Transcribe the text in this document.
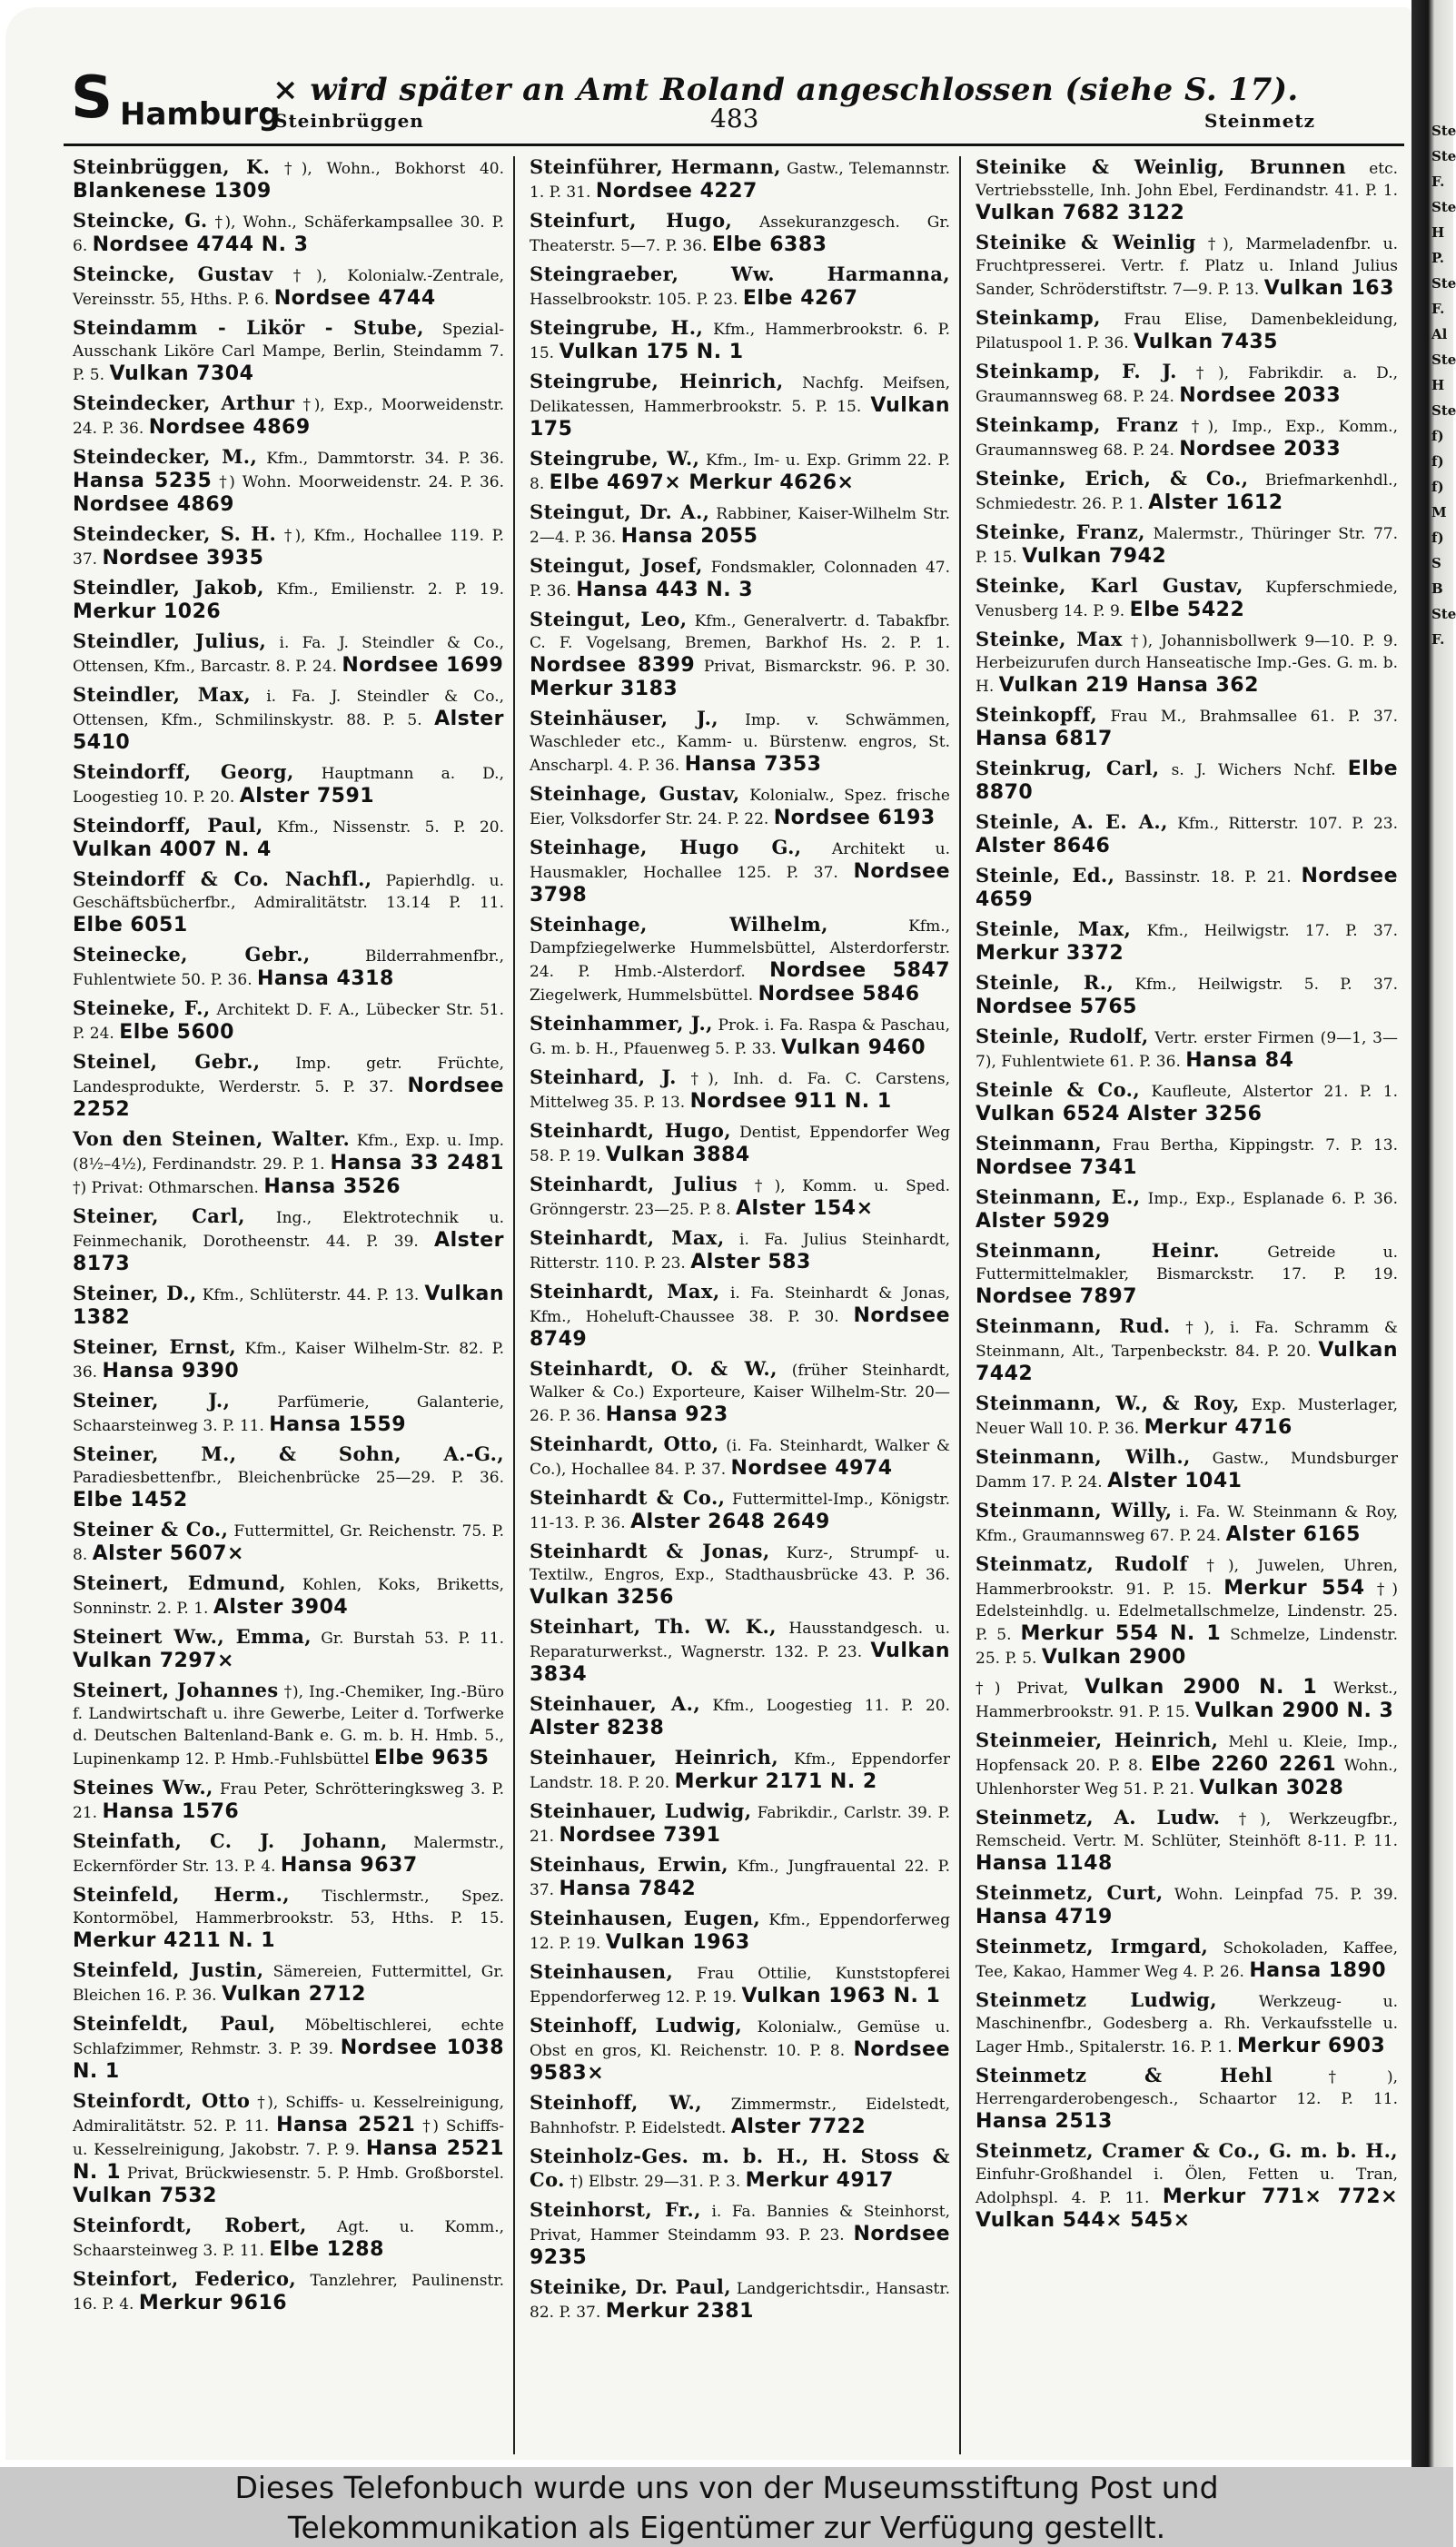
S Hamburg
Steinbrüggen
× wird später an Amt Roland angeschlossen (siehe S. 17).
483	Steinmetz
Steinbrüggen, K. †), Wohn., Bokhorst 40. Blankenese 1309
Steincke, G. †), Wohn., Schäferkampsallee 30. P. 6. Nordsee 4744 N. 3
Steincke, Gustav †), Kolonialw.-Zentrale, Vereinsstr. 55, Hths. P. 6. Nordsee 4744
Steindamm - Likör - Stube, Spezial-Ausschank Liköre Carl Mampe, Berlin, Steindamm 7. P. 5. Vulkan 7304
Steindecker, Arthur †), Exp., Moorweidenstr. 24. P. 36. Nordsee 4869
Steindecker, M., Kfm., Dammtorstr. 34. P. 36. Hansa 5235 †) Wohn. Moorweidenstr. 24. P. 36. Nordsee 4869
Steindecker, S. H. †), Kfm., Hochallee 119. P. 37. Nordsee 3935
Steindler, Jakob, Kfm., Emilienstr. 2. P. 19. Merkur 1026
Steindler, Julius, i. Fa. J. Steindler & Co., Ottensen, Kfm., Barcastr. 8. P. 24. Nordsee 1699
Steindler, Max, i. Fa. J. Steindler & Co., Ottensen, Kfm., Schmilinskystr. 88. P. 5. Alster 5410
Steindorff, Georg, Hauptmann a. D., Loogestieg 10. P. 20. Alster 7591
Steindorff, Paul, Kfm., Nissenstr. 5. P. 20. Vulkan 4007 N. 4
Steindorff & Co. Nachfl., Papierhdlg. u. Geschäftsbücherfbr., Admiralitätstr. 13.14 P. 11. Elbe 6051
Steinecke, Gebr.,	Bilderrahmenfbr., Fuhlentwiete 50. P. 36. Hansa 4318
Steineke, F., Architekt D. F. A., Lübecker Str. 51. P. 24. Elbe 5600
Steinel, Gebr., Imp. getr. Früchte, Landesprodukte, Werderstr. 5. P. 37. Nordsee 2252
Von den Steinen, Walter. Kfm., Exp. u. Imp. (8½–4½), Ferdinandstr. 29. P. 1. Hansa 33 2481 †) Privat: Othmarschen. Hansa 3526
Steiner, Carl, Ing., Elektrotechnik u. Feinmechanik, Dorotheenstr. 44. P. 39. Alster 8173
Steiner, D., Kfm., Schlüterstr. 44. P. 13. Vulkan 1382
Steiner, Ernst, Kfm., Kaiser Wilhelm-Str. 82. P. 36. Hansa 9390
Steiner, J.,	Parfümerie, Galanterie, Schaarsteinweg 3. P. 11. Hansa 1559
Steiner, M., & Sohn, A.-G., Paradiesbettenfbr., Bleichenbrücke 25—29. P. 36. Elbe 1452
Steiner & Co., Futtermittel, Gr. Reichenstr. 75. P. 8. Alster 5607×
Steinert, Edmund, Kohlen, Koks, Briketts, Sonninstr. 2. P. 1. Alster 3904
Steinert Ww., Emma, Gr. Burstah 53. P. 11. Vulkan 7297×
Steinert, Johannes †), Ing.-Chemiker, Ing.-Büro f. Landwirtschaft u. ihre Gewerbe, Leiter d. Torfwerke d. Deutschen Baltenland-Bank e. G. m. b. H. Hmb. 5., Lupinenkamp 12. P. Hmb.-Fuhlsbüttel Elbe 9635
Steines Ww., Frau Peter, Schrötteringksweg 3. P. 21. Hansa 1576
Steinfath, C. J. Johann, Malermstr., Eckernförder Str. 13. P. 4. Hansa 9637
Steinfeld, Herm., Tischlermstr., Spez. Kontormöbel, Hammerbrookstr. 53, Hths. P. 15. Merkur 4211 N. 1
Steinfeld, Justin, Sämereien, Futtermittel, Gr. Bleichen 16. P. 36. Vulkan 2712
Steinfeldt, Paul, Möbeltischlerei, echte Schlafzimmer, Rehmstr. 3. P. 39. Nordsee 1038 N. 1
Steinfordt, Otto †), Schiffs- u. Kesselreinigung, Admiralitätstr. 52. P. 11. Hansa 2521 †) Schiffs- u. Kesselreinigung, Jakobstr. 7. P. 9. Hansa 2521 N. 1 Privat, Brückwiesenstr. 5. P. Hmb. Großborstel. Vulkan 7532
Steinfordt, Robert, Agt. u. Komm., Schaarsteinweg 3. P. 11. Elbe 1288
Steinfort, Federico, Tanzlehrer, Paulinenstr. 16. P. 4. Merkur 9616
Steinführer, Hermann, Gastw., Telemannstr. 1. P. 31. Nordsee 4227
Steinfurt, Hugo, Assekuranzgesch. Gr. Theaterstr. 5—7. P. 36. Elbe 6383
Steingraeber, Ww. Harmanna, Hasselbrookstr. 105. P. 23. Elbe 4267
Steingrube, H., Kfm., Hammerbrookstr. 6. P. 15. Vulkan 175 N. 1
Steingrube, Heinrich, Nachfg. Meifsen, Delikatessen, Hammerbrookstr. 5. P. 15. Vulkan 175
Steingrube, W., Kfm., Im- u. Exp. Grimm 22. P. 8. Elbe 4697× Merkur 4626×
Steingut, Dr. A., Rabbiner, Kaiser-Wilhelm Str. 2—4. P. 36. Hansa 2055
Steingut, Josef, Fondsmakler, Colonnaden 47. P. 36. Hansa 443 N. 3
Steingut, Leo, Kfm., Generalvertr. d. Tabakfbr. C. F. Vogelsang, Bremen, Barkhof Hs. 2. P. 1. Nordsee 8399 Privat, Bismarckstr. 96. P. 30. Merkur 3183
Steinhäuser, J., Imp. v. Schwämmen, Waschleder etc., Kamm- u. Bürstenw. engros, St. Anscharpl. 4. P. 36. Hansa 7353
Steinhage, Gustav, Kolonialw., Spez. frische Eier, Volksdorfer Str. 24. P. 22. Nordsee 6193
Steinhage, Hugo G., Architekt u. Hausmakler, Hochallee 125. P. 37. Nordsee 3798
Steinhage, Wilhelm,	Kfm., Dampfziegelwerke Hummelsbüttel, Alsterdorferstr. 24. P. Hmb.-Alsterdorf. Nordsee 5847 Ziegelwerk, Hummelsbüttel. Nordsee 5846
Steinhammer, J., Prok. i. Fa. Raspa & Paschau, G. m. b. H., Pfauenweg 5. P. 33. Vulkan 9460
Steinhard, J. †), Inh. d. Fa. C. Carstens, Mittelweg 35. P. 13. Nordsee 911 N. 1
Steinhardt, Hugo, Dentist, Eppendorfer Weg 58. P. 19. Vulkan 3884
Steinhardt, Julius †), Komm. u. Sped. Grönngerstr. 23—25. P. 8. Alster 154×
Steinhardt, Max, i. Fa. Julius Steinhardt, Ritterstr. 110. P. 23. Alster 583
Steinhardt, Max, i. Fa. Steinhardt & Jonas, Kfm., Hoheluft-Chaussee 38. P. 30. Nordsee 8749
Steinhardt, O. & W., (früher Steinhardt, Walker & Co.) Exporteure, Kaiser Wilhelm-Str. 20—26. P. 36. Hansa 923
Steinhardt, Otto, (i. Fa. Steinhardt, Walker & Co.), Hochallee 84. P. 37. Nordsee 4974
Steinhardt & Co., Futtermittel-Imp., Königstr. 11-13. P. 36. Alster 2648 2649
Steinhardt & Jonas, Kurz-, Strumpf- u. Textilw., Engros, Exp., Stadthausbrücke 43. P. 36. Vulkan 3256
Steinhart, Th. W. K., Hausstandgesch. u. Reparaturwerkst., Wagnerstr. 132. P. 23. Vulkan 3834
Steinhauer, A., Kfm., Loogestieg 11. P. 20. Alster 8238
Steinhauer, Heinrich, Kfm., Eppendorfer Landstr. 18. P. 20. Merkur 2171 N. 2
Steinhauer, Ludwig, Fabrikdir., Carlstr. 39. P. 21. Nordsee 7391
Steinhaus, Erwin, Kfm., Jungfrauental 22. P. 37. Hansa 7842
Steinhausen, Eugen, Kfm., Eppendorferweg 12. P. 19. Vulkan 1963
Steinhausen, Frau Ottilie, Kunststopferei Eppendorferweg 12. P. 19. Vulkan 1963 N. 1
Steinhoff, Ludwig, Kolonialw., Gemüse u. Obst en gros, Kl. Reichenstr. 10. P. 8. Nordsee 9583×
Steinhoff, W., Zimmermstr., Eidelstedt, Bahnhofstr. P. Eidelstedt. Alster 7722
Steinholz-Ges. m. b. H., H. Stoss & Co. †) Elbstr. 29—31. P. 3. Merkur 4917
Steinhorst, Fr., i. Fa. Bannies & Steinhorst, Privat, Hammer Steindamm 93. P. 23. Nordsee 9235
Steinike, Dr. Paul, Landgerichtsdir., Hansastr. 82. P. 37. Merkur 2381
Steinike & Weinlig, Brunnen etc. Vertriebsstelle, Inh. John Ebel, Ferdinandstr. 41. P. 1. Vulkan 7682 3122
Steinike & Weinlig †), Marmeladenfbr. u. Fruchtpresserei. Vertr. f. Platz u. Inland Julius Sander, Schröderstiftstr. 7—9. P. 13. Vulkan 163
Steinkamp, Frau Elise, Damenbekleidung, Pilatuspool 1. P. 36. Vulkan 7435
Steinkamp, F. J. †), Fabrikdir. a. D., Graumannsweg 68. P. 24. Nordsee 2033
Steinkamp, Franz †), Imp., Exp., Komm., Graumannsweg 68. P. 24. Nordsee 2033
Steinke, Erich, & Co., Briefmarkenhdl., Schmiedestr. 26. P. 1. Alster 1612
Steinke, Franz, Malermstr., Thüringer Str. 77. P. 15. Vulkan 7942
Steinke, Karl Gustav, Kupferschmiede, Venusberg 14. P. 9. Elbe 5422
Steinke, Max †), Johannisbollwerk 9—10. P. 9. Herbeizurufen durch Hanseatische Imp.-Ges. G. m. b. H. Vulkan 219 Hansa 362
Steinkopff, Frau M., Brahmsallee 61. P. 37. Hansa 6817
Steinkrug, Carl, s. J. Wichers Nchf. Elbe 8870
Steinle, A. E. A., Kfm., Ritterstr. 107. P. 23. Alster 8646
Steinle, Ed., Bassinstr. 18. P. 21. Nordsee 4659
Steinle, Max, Kfm., Heilwigstr. 17. P. 37. Merkur 3372
Steinle, R., Kfm., Heilwigstr. 5. P. 37. Nordsee 5765
Steinle, Rudolf, Vertr. erster Firmen (9—1, 3—7), Fuhlentwiete 61. P. 36. Hansa 84
Steinle & Co., Kaufleute, Alstertor 21. P. 1. Vulkan 6524 Alster 3256
Steinmann, Frau Bertha, Kippingstr. 7. P. 13. Nordsee 7341
Steinmann, E., Imp., Exp., Esplanade 6. P. 36. Alster 5929
Steinmann, Heinr.	Getreide u. Futtermittelmakler, Bismarckstr. 17. P. 19. Nordsee 7897
Steinmann, Rud. †), i. Fa. Schramm & Steinmann, Alt., Tarpenbeckstr. 84. P. 20. Vulkan 7442
Steinmann, W., & Roy, Exp. Musterlager, Neuer Wall 10. P. 36. Merkur 4716
Steinmann, Wilh., Gastw., Mundsburger Damm 17. P. 24. Alster 1041
Steinmann, Willy, i. Fa. W. Steinmann & Roy, Kfm., Graumannsweg 67. P. 24. Alster 6165
Steinmatz, Rudolf †), Juwelen, Uhren, Hammerbrookstr. 91. P. 15. Merkur 554 †) Edelsteinhdlg. u. Edelmetallschmelze, Lindenstr. 25. P. 5. Merkur 554 N. 1 Schmelze, Lindenstr. 25. P. 5. Vulkan 2900
†) Privat, Vulkan 2900 N. 1 Werkst., Hammerbrookstr. 91. P. 15. Vulkan 2900 N. 3
Steinmeier, Heinrich, Mehl u. Kleie, Imp., Hopfensack 20. P. 8. Elbe 2260 2261 Wohn., Uhlenhorster Weg 51. P. 21. Vulkan 3028
Steinmetz, A. Ludw. †), Werkzeugfbr., Remscheid. Vertr. M. Schlüter, Steinhöft 8-11. P. 11. Hansa 1148
Steinmetz, Curt, Wohn. Leinpfad 75. P. 39. Hansa 4719
Steinmetz, Irmgard, Schokoladen, Kaffee, Tee, Kakao, Hammer Weg 4. P. 26. Hansa 1890
Steinmetz Ludwig,	Werkzeug- u. Maschinenfbr., Godesberg a. Rh. Verkaufsstelle u. Lager Hmb., Spitalerstr. 16. P. 1. Merkur 6903
Steinmetz & Hehl	†), Herrengarderobengesch., Schaartor 12. P. 11. Hansa 2513
Steinmetz, Cramer & Co., G. m. b. H., Einfuhr-Großhandel i. Ölen, Fetten u. Tran, Adolphspl. 4. P. 11. Merkur 771× 772× Vulkan 544× 545×
Ste
Ste
F.
Ste
H
P.
Ste
F.
Al
Ste
H
Ste
f)
f)
f)
M
f)
S
B
Ste
F.
Dieses Telefonbuch wurde uns von der Museumsstiftung Post und
Telekommunikation als Eigentümer zur Verfügung gestellt.
